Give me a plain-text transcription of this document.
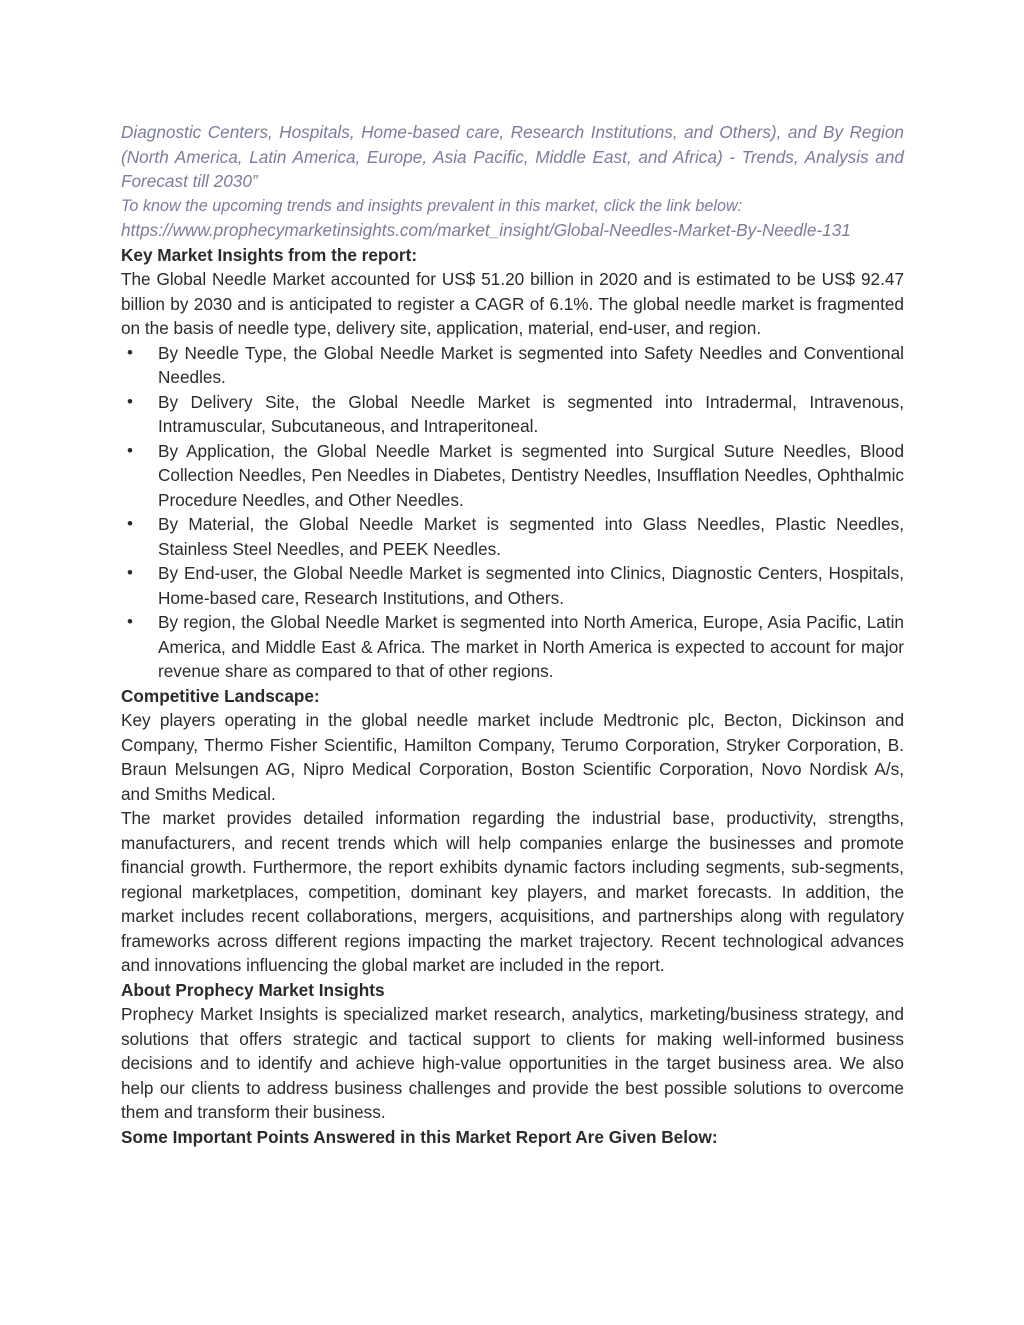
Diagnostic Centers, Hospitals, Home-based care, Research Institutions, and Others), and By Region (North America, Latin America, Europe, Asia Pacific, Middle East, and Africa) - Trends, Analysis and Forecast till 2030”

To know the upcoming trends and insights prevalent in this market, click the link below:

https://www.prophecymarketinsights.com/market_insight/Global-Needles-Market-By-Needle-131
Key Market Insights from the report:

The Global Needle Market accounted for US$ 51.20 billion in 2020 and is estimated to be US$ 92.47 billion by 2030 and is anticipated to register a CAGR of 6.1%. The global needle market is fragmented on the basis of needle type, delivery site, application, material, end-user, and region.

• By Needle Type, the Global Needle Market is segmented into Safety Needles and Conventional Needles.
• By Delivery Site, the Global Needle Market is segmented into Intradermal, Intravenous, Intramuscular, Subcutaneous, and Intraperitoneal.
• By Application, the Global Needle Market is segmented into Surgical Suture Needles, Blood Collection Needles, Pen Needles in Diabetes, Dentistry Needles, Insufflation Needles, Ophthalmic Procedure Needles, and Other Needles.
• By Material, the Global Needle Market is segmented into Glass Needles, Plastic Needles, Stainless Steel Needles, and PEEK Needles.
• By End-user, the Global Needle Market is segmented into Clinics, Diagnostic Centers, Hospitals, Home-based care, Research Institutions, and Others.
• By region, the Global Needle Market is segmented into North America, Europe, Asia Pacific, Latin America, and Middle East & Africa. The market in North America is expected to account for major revenue share as compared to that of other regions.
Competitive Landscape:

Key players operating in the global needle market include Medtronic plc, Becton, Dickinson and Company, Thermo Fisher Scientific, Hamilton Company, Terumo Corporation, Stryker Corporation, B. Braun Melsungen AG, Nipro Medical Corporation, Boston Scientific Corporation, Novo Nordisk A/s, and Smiths Medical.

The market provides detailed information regarding the industrial base, productivity, strengths, manufacturers, and recent trends which will help companies enlarge the businesses and promote financial growth. Furthermore, the report exhibits dynamic factors including segments, sub-segments, regional marketplaces, competition, dominant key players, and market forecasts. In addition, the market includes recent collaborations, mergers, acquisitions, and partnerships along with regulatory frameworks across different regions impacting the market trajectory. Recent technological advances and innovations influencing the global market are included in the report.

About Prophecy Market Insights

Prophecy Market Insights is specialized market research, analytics, marketing/business strategy, and solutions that offers strategic and tactical support to clients for making well-informed business decisions and to identify and achieve high-value opportunities in the target business area. We also help our clients to address business challenges and provide the best possible solutions to overcome them and transform their business.

Some Important Points Answered in this Market Report Are Given Below:
